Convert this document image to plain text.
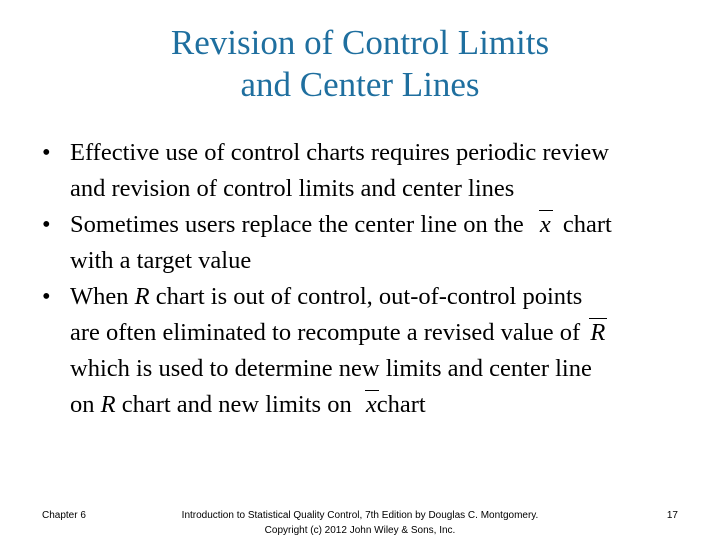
Revision of Control Limits
and Center Lines
• Effective use of control charts requires periodic review
and revision of control limits and center lines
• Sometimes users replace the center line on the
x chart
with a target value
• When R chart is out of control, out-of-control points
are often eliminated to recompute a revised value of
R
which is used to determine new limits and center line
on R chart and new limits on
xchart
Chapter 6	Introduction to Statistical Quality Control, 7th Edition by Douglas C. Montgomery.
Copyright (c) 2012 John Wiley & Sons, Inc.
17
